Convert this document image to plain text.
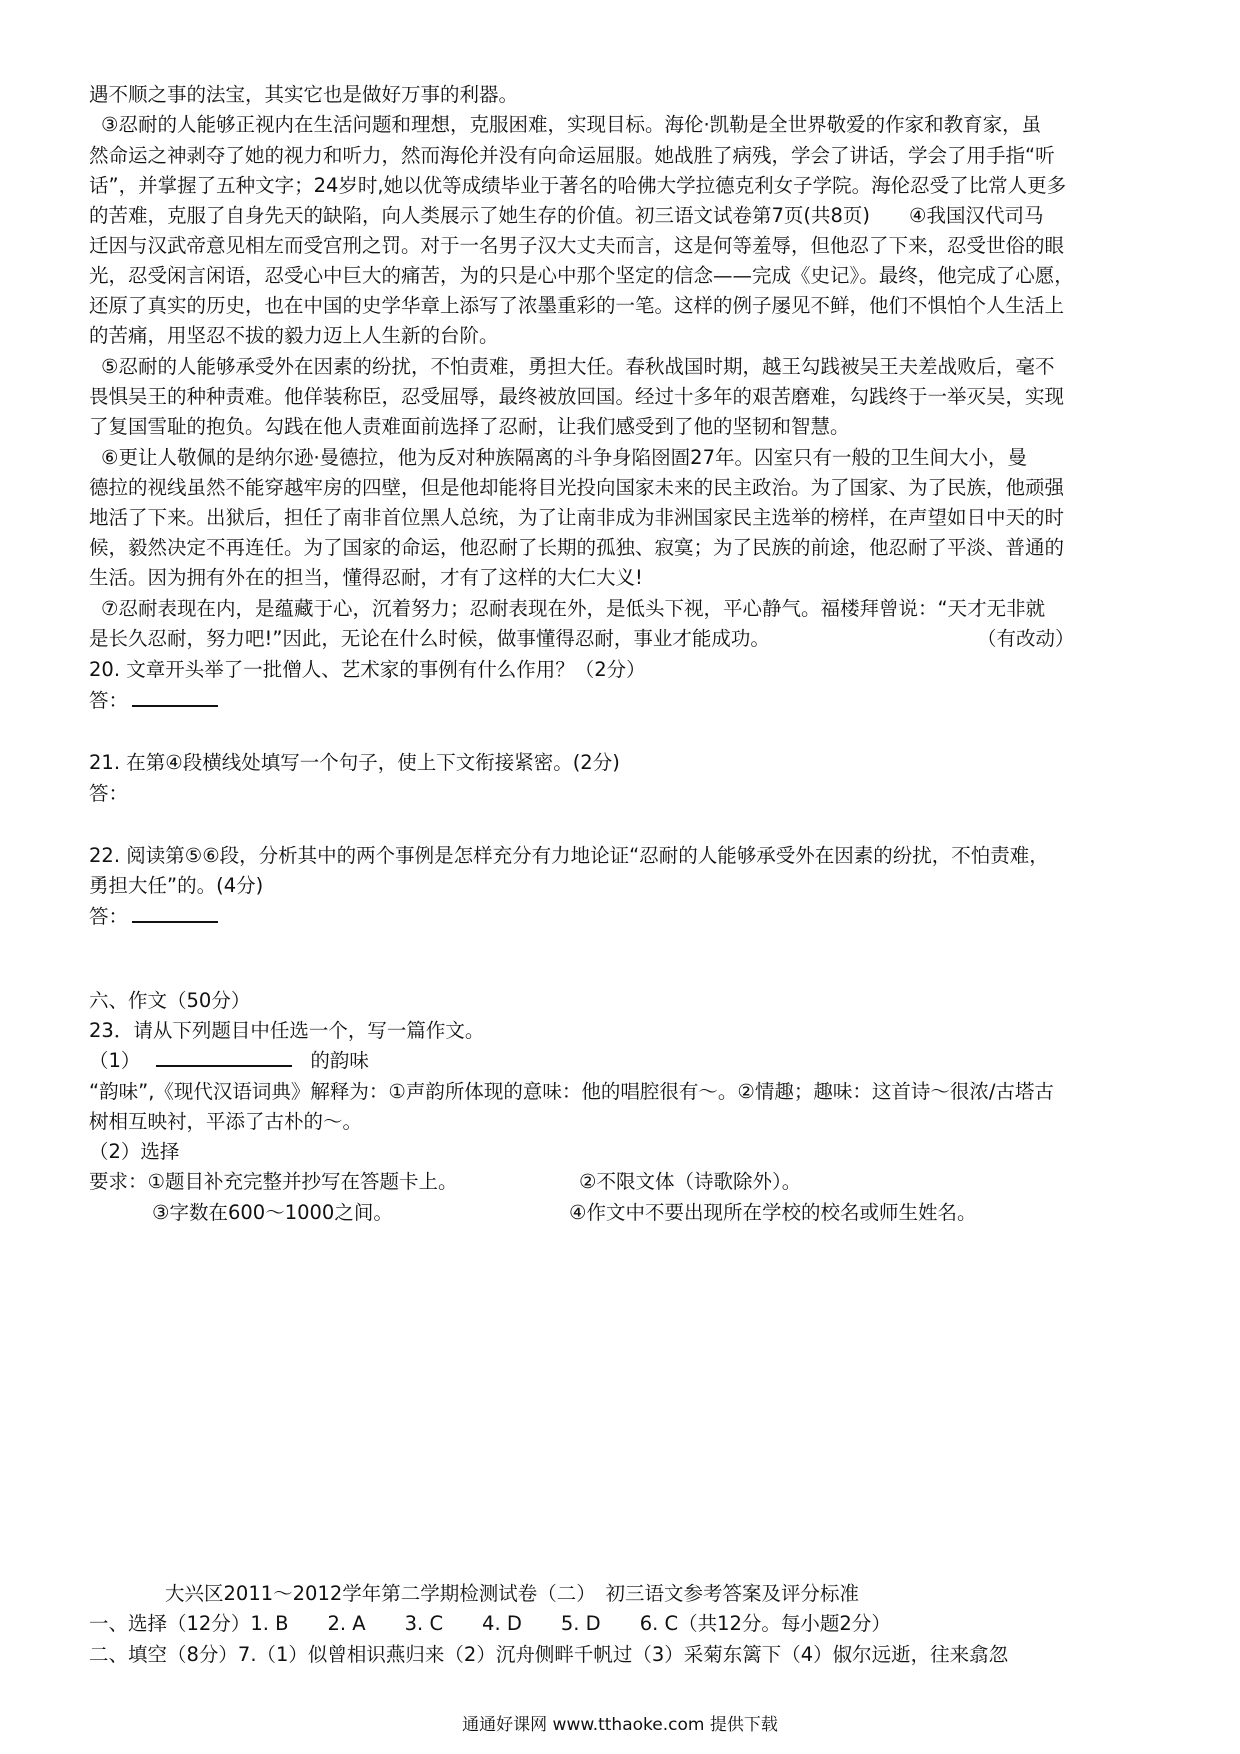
遇不顺之事的法宝，其实它也是做好万事的利器。
③忍耐的人能够正视内在生活问题和理想，克服困难，实现目标。海伦·凯勒是全世界敬爱的作家和教育家，虽
然命运之神剥夺了她的视力和听力，然而海伦并没有向命运屈服。她战胜了病残，学会了讲话，学会了用手指“听
话”，并掌握了五种文字；24岁时,她以优等成绩毕业于著名的哈佛大学拉德克利女子学院。海伦忍受了比常人更多
的苦难，克服了自身先天的缺陷，向人类展示了她生存的价值。初三语文试卷第7页(共8页)　　④我国汉代司马
迁因与汉武帝意见相左而受宫刑之罚。对于一名男子汉大丈夫而言，这是何等羞辱，但他忍了下来，忍受世俗的眼
光，忍受闲言闲语，忍受心中巨大的痛苦，为的只是心中那个坚定的信念——完成《史记》。最终，他完成了心愿，
还原了真实的历史，也在中国的史学华章上添写了浓墨重彩的一笔。这样的例子屡见不鲜，他们不惧怕个人生活上
的苦痛，用坚忍不拔的毅力迈上人生新的台阶。
⑤忍耐的人能够承受外在因素的纷扰，不怕责难，勇担大任。春秋战国时期，越王勾践被吴王夫差战败后，毫不
畏惧吴王的种种责难。他佯装称臣，忍受屈辱，最终被放回国。经过十多年的艰苦磨难，勾践终于一举灭吴，实现
了复国雪耻的抱负。勾践在他人责难面前选择了忍耐，让我们感受到了他的坚韧和智慧。
⑥更让人敬佩的是纳尔逊·曼德拉，他为反对种族隔离的斗争身陷囹圄27年。囚室只有一般的卫生间大小，曼
德拉的视线虽然不能穿越牢房的四壁，但是他却能将目光投向国家未来的民主政治。为了国家、为了民族，他顽强
地活了下来。出狱后，担任了南非首位黑人总统，为了让南非成为非洲国家民主选举的榜样，在声望如日中天的时
候，毅然决定不再连任。为了国家的命运，他忍耐了长期的孤独、寂寞；为了民族的前途，他忍耐了平淡、普通的
生活。因为拥有外在的担当，懂得忍耐，才有了这样的大仁大义!
⑦忍耐表现在内，是蕴藏于心，沉着努力；忍耐表现在外，是低头下视，平心静气。福楼拜曾说：“天才无非就
是长久忍耐，努力吧!”因此，无论在什么时候，做事懂得忍耐，事业才能成功。	（有改动）
20. 文章开头举了一批僧人、艺术家的事例有什么作用？（2分）
答：
21. 在第④段横线处填写一个句子，使上下文衔接紧密。(2分)
答：
22. 阅读第⑤⑥段，分析其中的两个事例是怎样充分有力地论证“忍耐的人能够承受外在因素的纷扰，不怕责难，
勇担大任”的。(4分)
答：
六、作文（50分）
23．请从下列题目中任选一个，写一篇作文。
（1）	的韵味
“韵味”,《现代汉语词典》解释为：①声韵所体现的意味：他的唱腔很有～。②情趣；趣味：这首诗～很浓/古塔古
树相互映衬，平添了古朴的～。
（2）选择
要求：①题目补充完整并抄写在答题卡上。	②不限文体（诗歌除外）。
③字数在600～1000之间。	④作文中不要出现所在学校的校名或师生姓名。
大兴区2011～2012学年第二学期检测试卷（二）　初三语文参考答案及评分标准
一、选择（12分）1. B　　2. A　　3. C　　4. D　　5. D　　6. C（共12分。每小题2分）
二、填空（8分）7.（1）似曾相识燕归来（2）沉舟侧畔千帆过（3）采菊东篱下（4）俶尔远逝，往来翕忽
通通好课网 www.tthaoke.com 提供下载
